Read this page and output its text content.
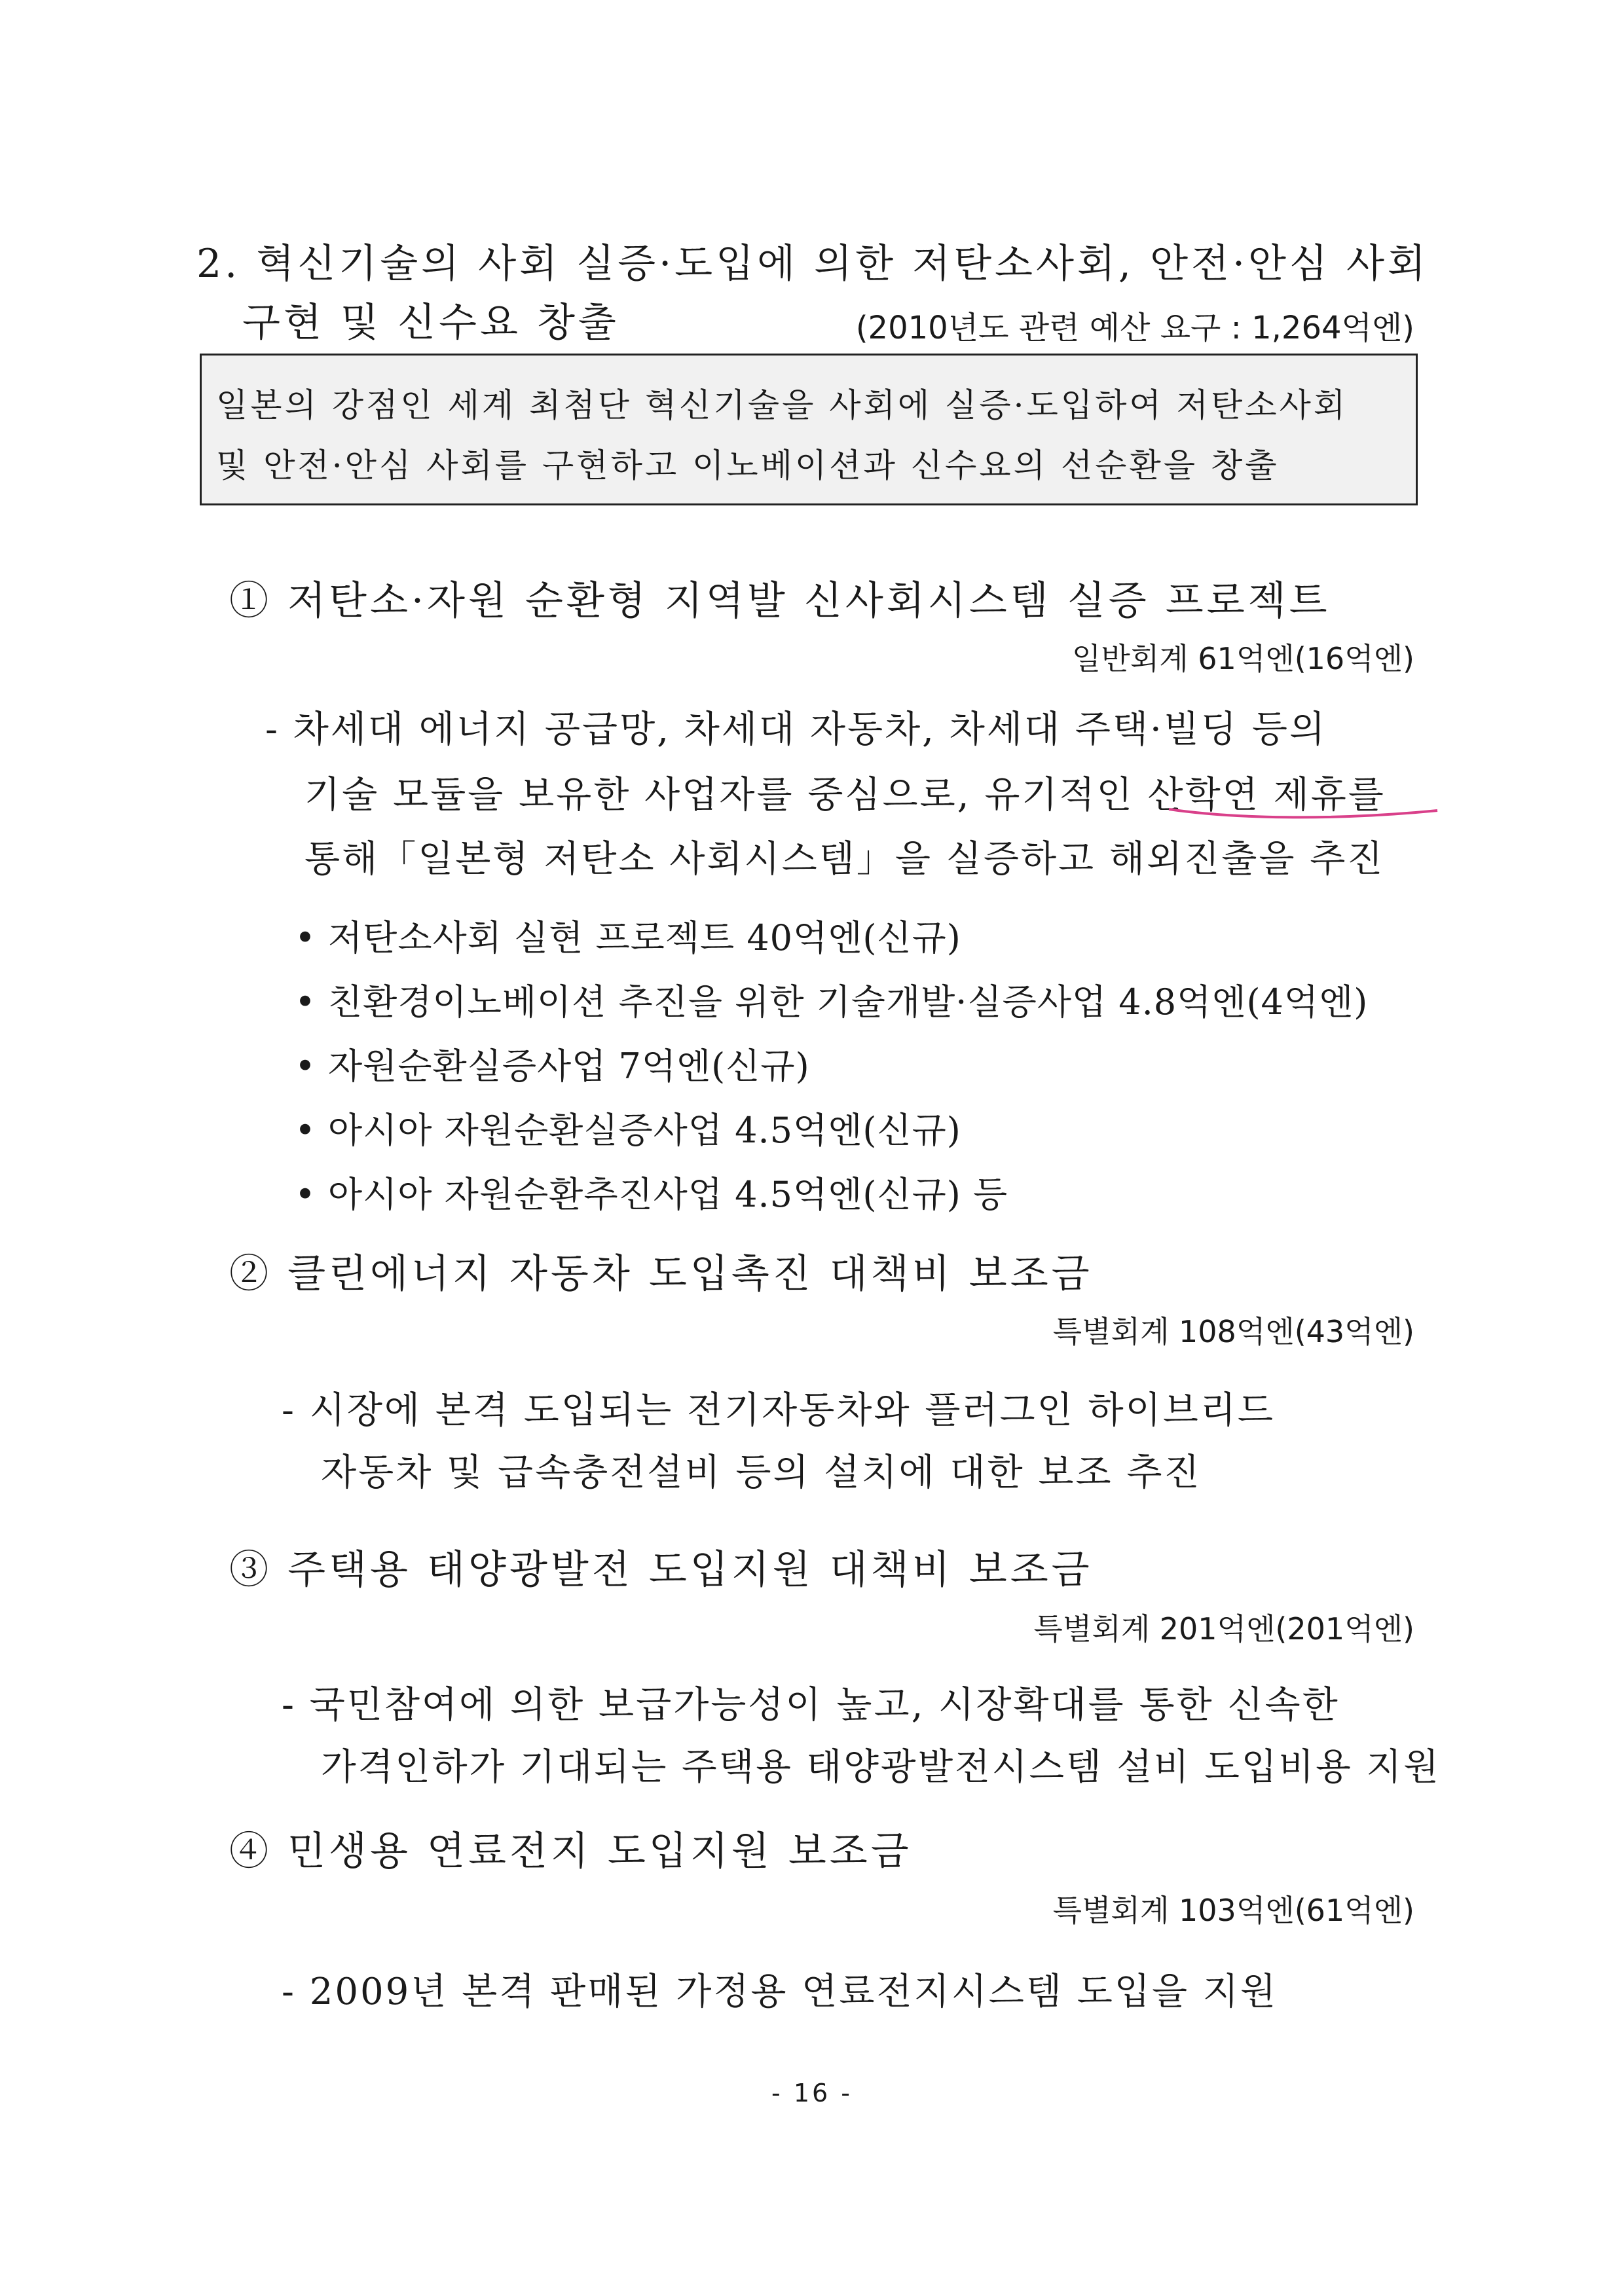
2. 혁신기술의 사회 실증·도입에 의한 저탄소사회, 안전·안심 사회
구현 및 신수요 창출	(2010년도 관련 예산 요구 : 1,264억엔)
일본의 강점인 세계 최첨단 혁신기술을 사회에 실증·도입하여 저탄소사회
및 안전·안심 사회를 구현하고 이노베이션과 신수요의 선순환을 창출
① 저탄소·자원 순환형 지역발 신사회시스템 실증 프로젝트
일반회계 61억엔(16억엔)
- 차세대 에너지 공급망, 차세대 자동차, 차세대 주택·빌딩 등의
기술 모듈을 보유한 사업자를 중심으로, 유기적인 산학연 제휴를
통해「일본형 저탄소 사회시스템」을 실증하고 해외진출을 추진
• 저탄소사회 실현 프로젝트 40억엔(신규)
• 친환경이노베이션 추진을 위한 기술개발·실증사업 4.8억엔(4억엔)
• 자원순환실증사업 7억엔(신규)
• 아시아 자원순환실증사업 4.5억엔(신규)
• 아시아 자원순환추진사업 4.5억엔(신규) 등
② 클린에너지 자동차 도입촉진 대책비 보조금
특별회계 108억엔(43억엔)
- 시장에 본격 도입되는 전기자동차와 플러그인 하이브리드
자동차 및 급속충전설비 등의 설치에 대한 보조 추진
③ 주택용 태양광발전 도입지원 대책비 보조금
특별회계 201억엔(201억엔)
- 국민참여에 의한 보급가능성이 높고, 시장확대를 통한 신속한
가격인하가 기대되는 주택용 태양광발전시스템 설비 도입비용 지원
④ 민생용 연료전지 도입지원 보조금
특별회계 103억엔(61억엔)
- 2009년 본격 판매된 가정용 연료전지시스템 도입을 지원
- 16 -
